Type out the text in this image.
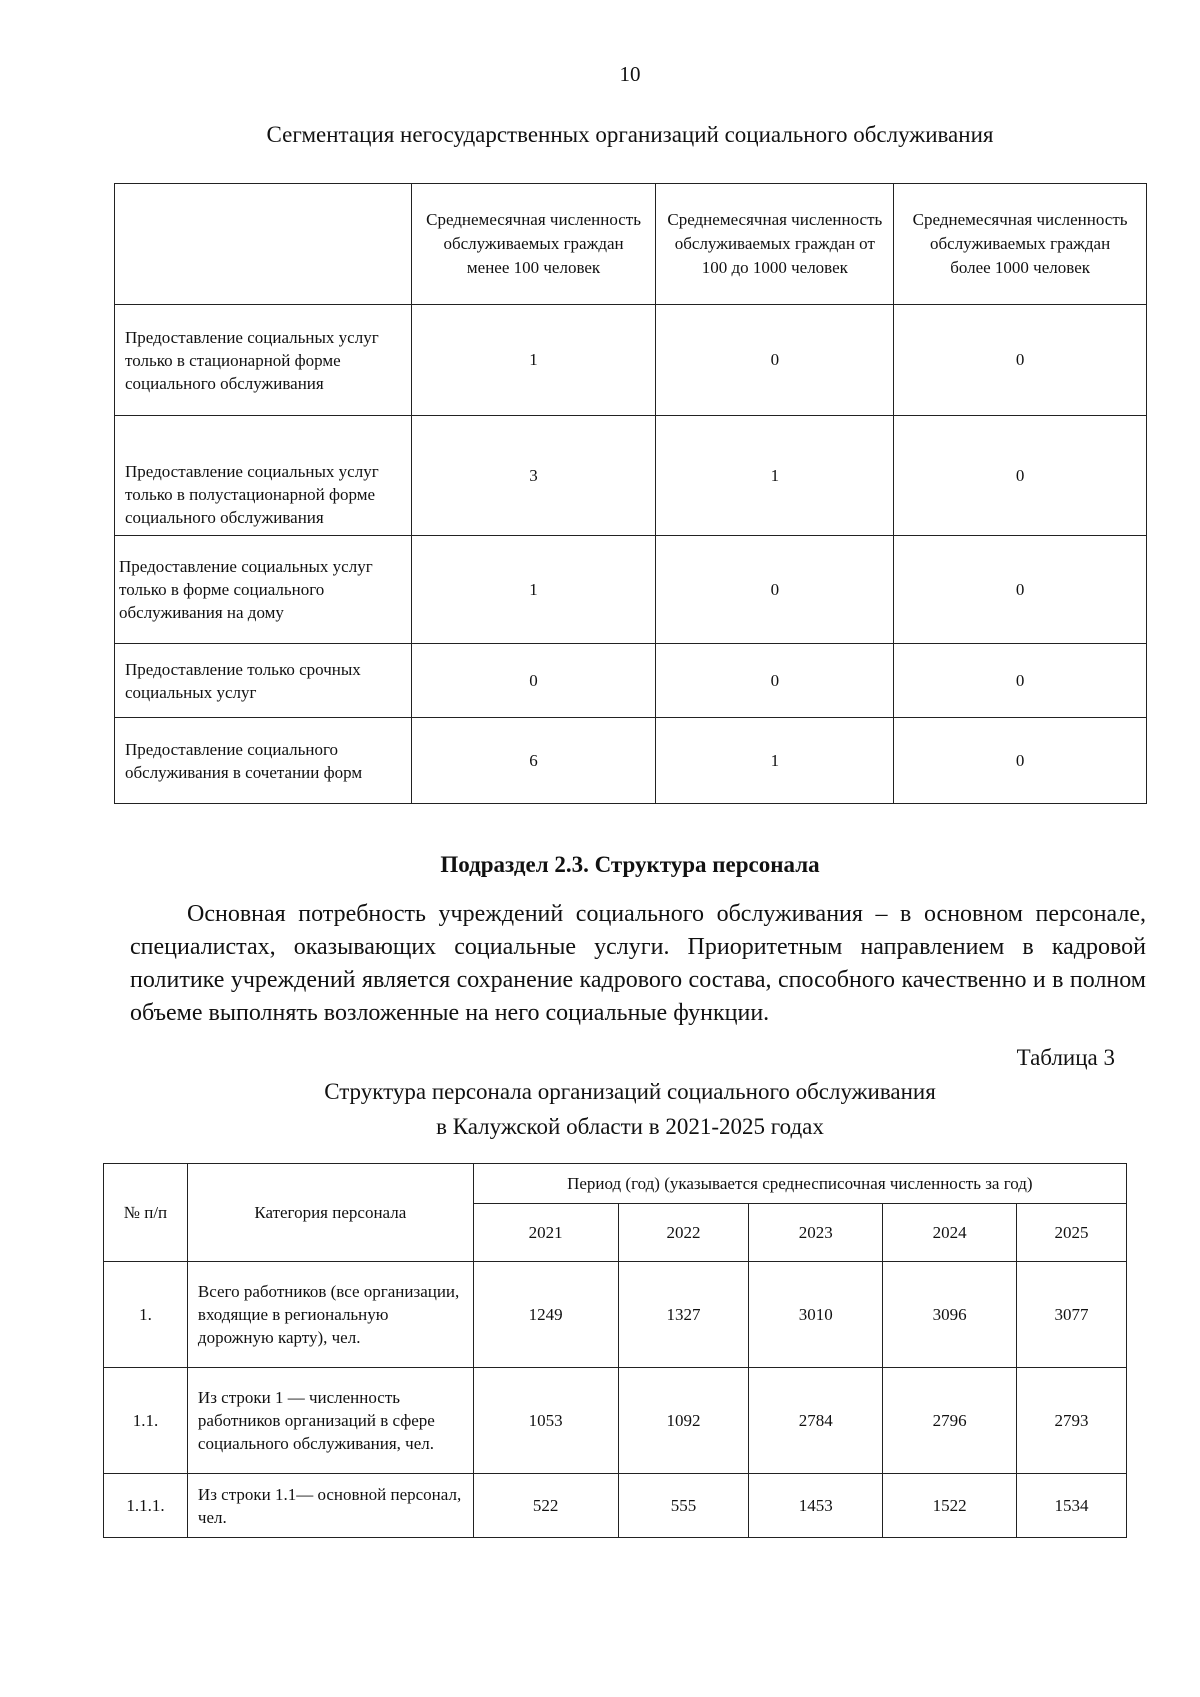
10
Сегментация негосударственных организаций социального обслуживания
	Среднемесячная численность обслуживаемых граждан менее 100 человек	Среднемесячная численность обслуживаемых граждан от 100 до 1000 человек	Среднемесячная численность обслуживаемых граждан более 1000 человек
Предоставление социальных услуг только в стационарной форме социального обслуживания	1	0	0
Предоставление социальных услуг только в полустационарной форме социального обслуживания	3	1	0
Предоставление социальных услуг только в форме социального обслуживания на дому	1	0	0
Предоставление только срочных социальных услуг	0	0	0
Предоставление социального обслуживания в сочетании форм	6	1	0
Подраздел 2.3. Структура персонала
Основная потребность учреждений социального обслуживания – в основном персонале, специалистах, оказывающих социальные услуги. Приоритетным направлением в кадровой политике учреждений является сохранение кадрового состава, способного качественно и в полном объеме выполнять возложенные на него социальные функции.
Таблица 3
Структура персонала организаций социального обслуживания
в Калужской области в 2021-2025 годах
№ п/п	Категория персонала	Период (год) (указывается среднесписочная численность за год)				
		2021	2022	2023	2024	2025
1.	Всего работников (все организации, входящие в региональную дорожную карту), чел.	1249	1327	3010	3096	3077
1.1.	Из строки 1 — численность работников организаций в сфере социального обслуживания, чел.	1053	1092	2784	2796	2793
1.1.1.	Из строки 1.1— основной персонал, чел.	522	555	1453	1522	1534
